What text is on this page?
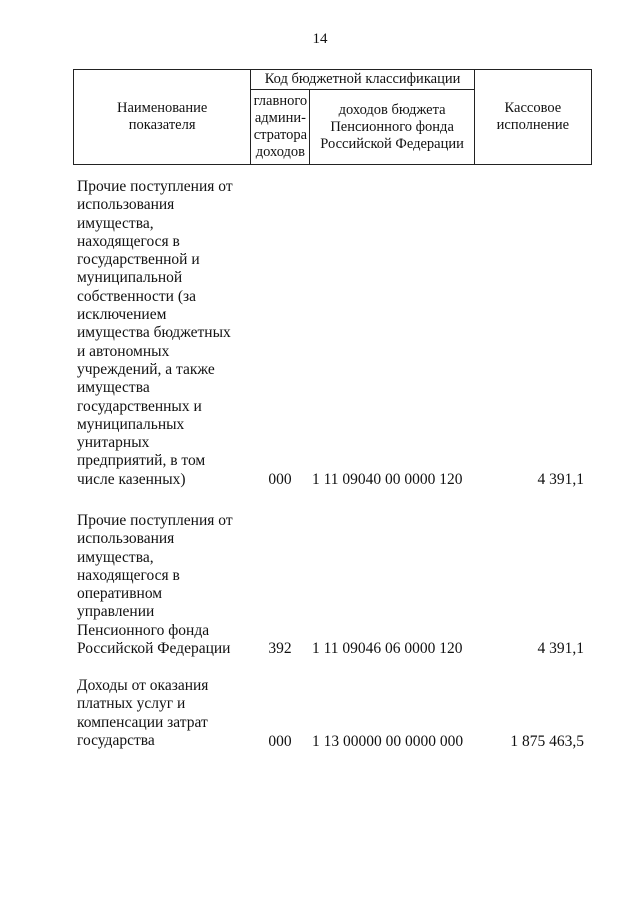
14
Наименование показателя	Код бюджетной классификации		Кассовое
исполнение

	главного
админи-
стратора
доходов	доходов бюджета
Пенсионного фонда
Российской Федерации	
Прочие поступления от
использования
имущества,
находящегося в
государственной и
муниципальной
собственности (за
исключением
имущества бюджетных
и автономных
учреждений, а также
имущества
государственных и
муниципальных
унитарных
предприятий, в том
числе казенных)	000	1 11 09040 00 0000 120	4 391,1
Прочие поступления от
использования
имущества,
находящегося в
оперативном
управлении
Пенсионного фонда
Российской Федерации	392	1 11 09046 06 0000 120	4 391,1
Доходы от оказания
платных услуг и
компенсации затрат
государства	000	1 13 00000 00 0000 000	1 875 463,5
